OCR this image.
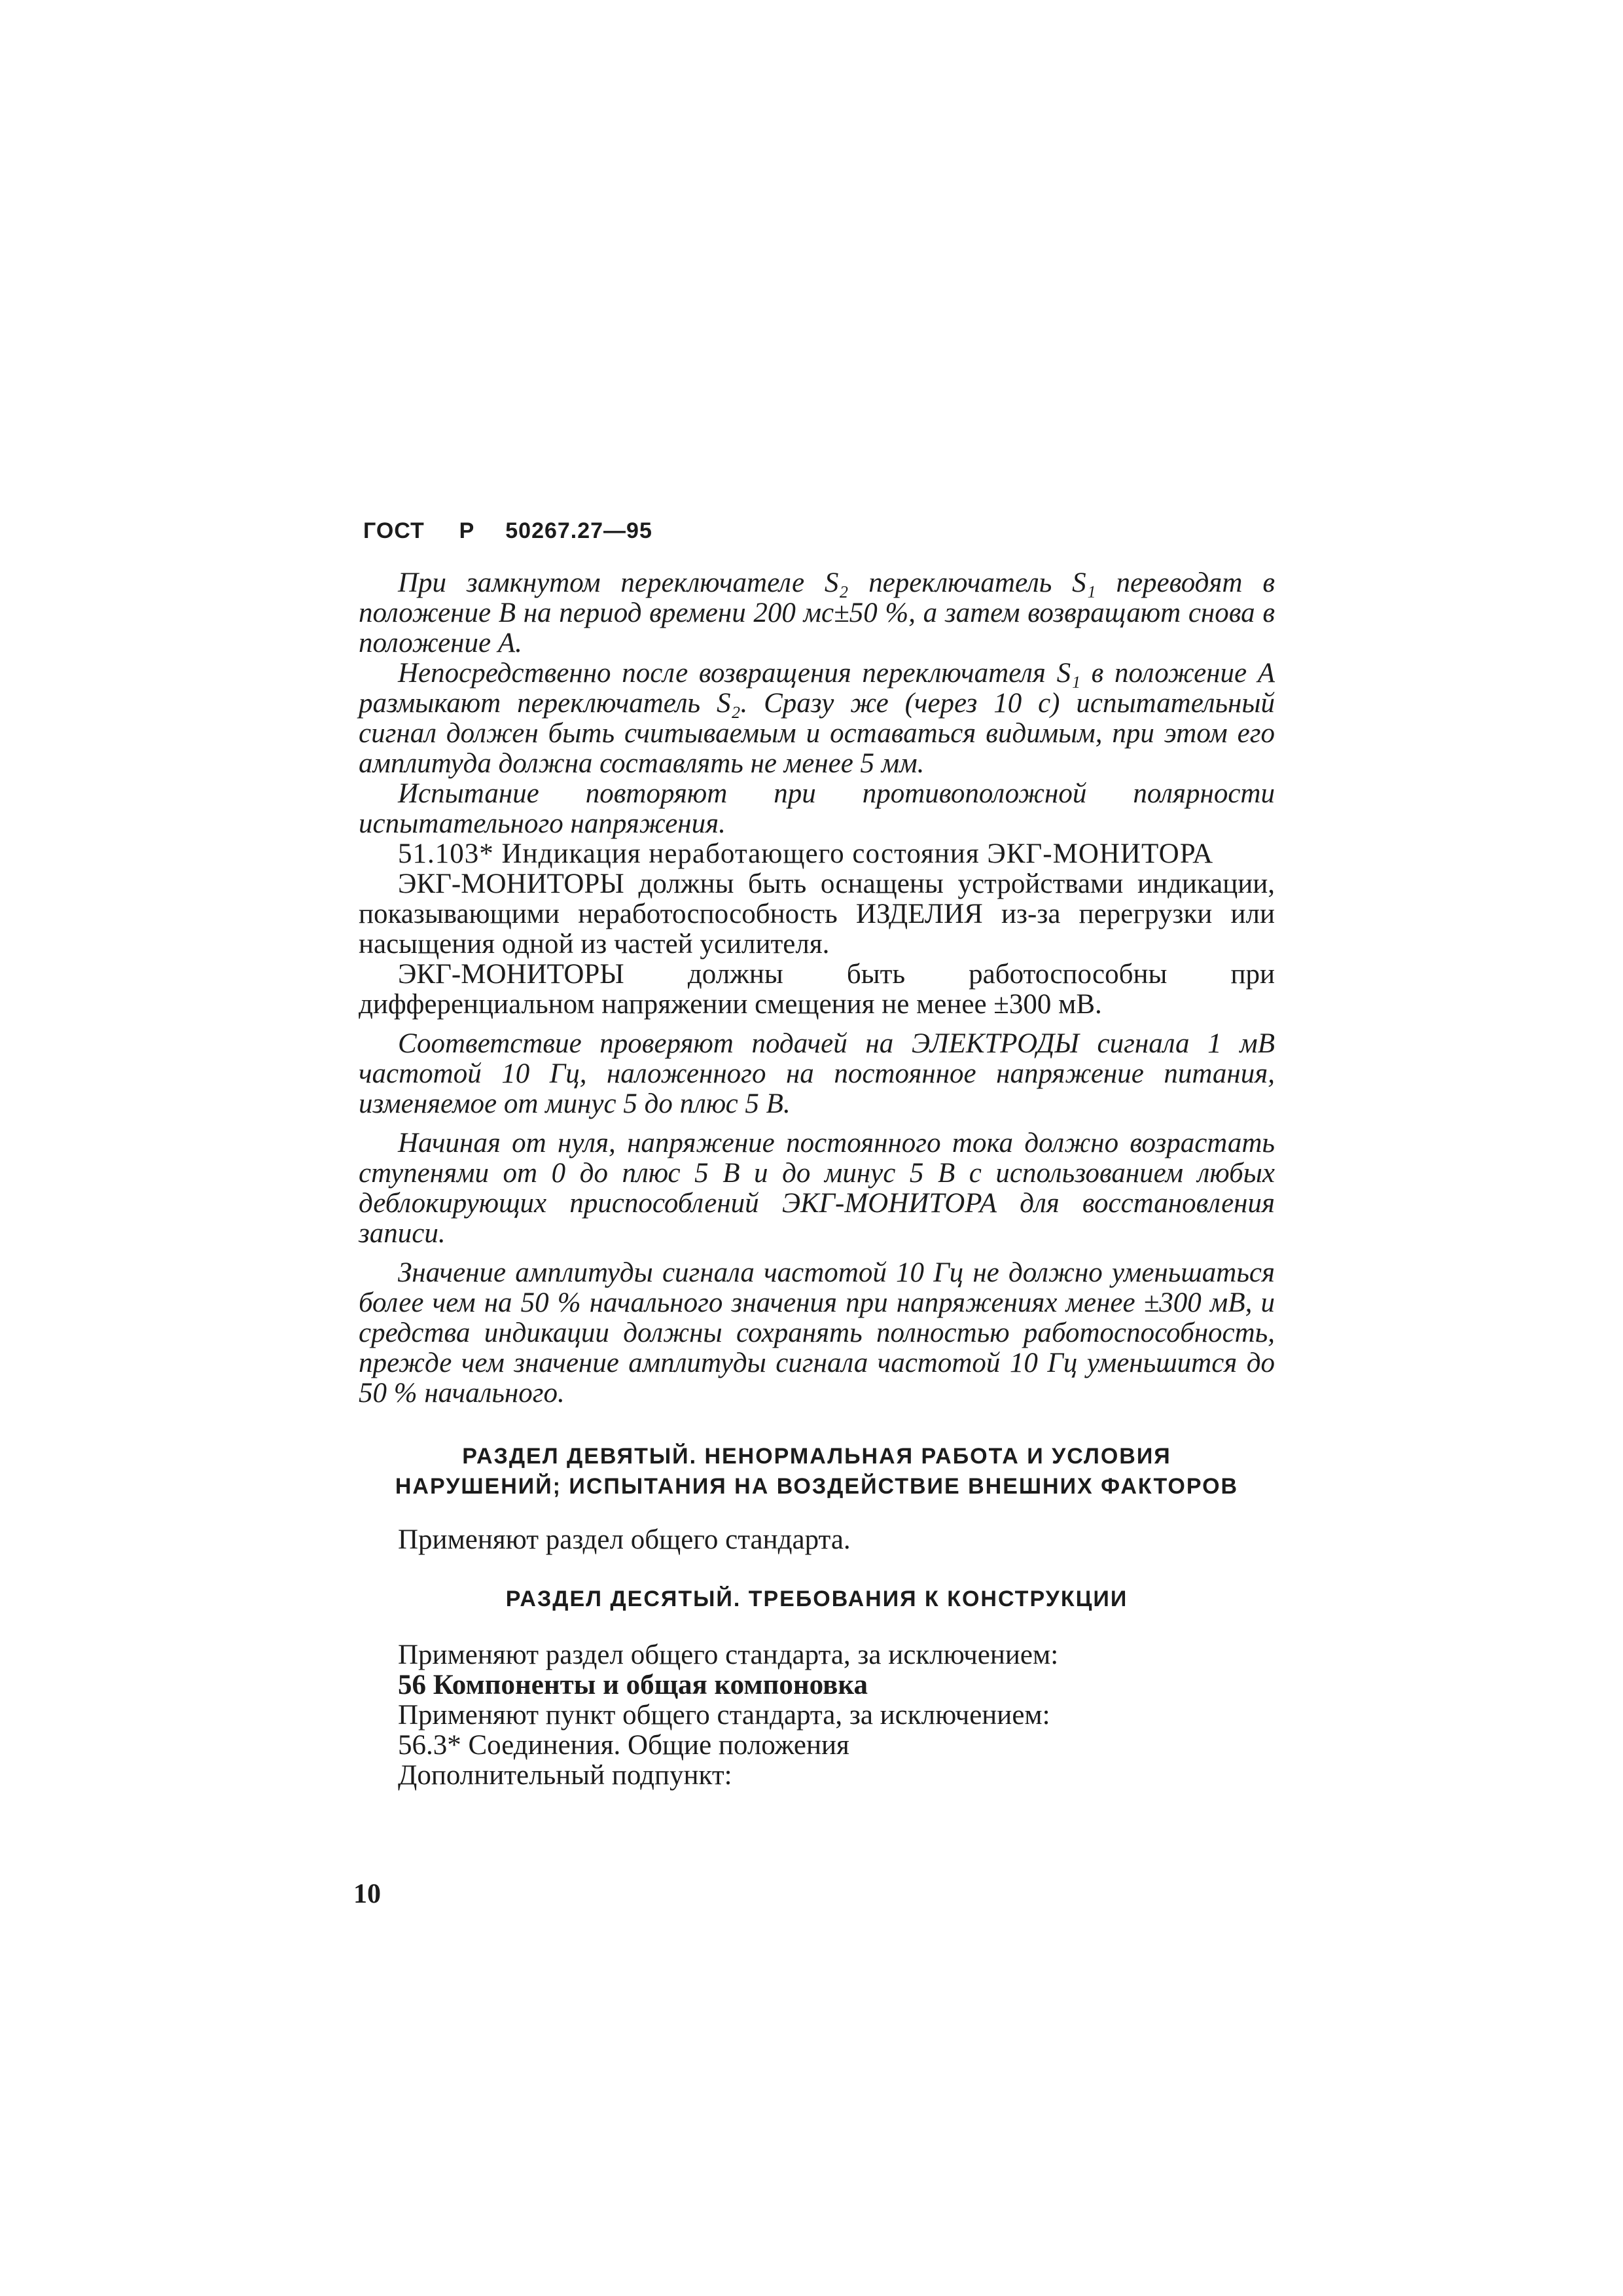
ГОСТ Р 50267.27—95

При замкнутом переключателе S₂ переключатель S₁ переводят в положение В на период времени 200 мс±50 %, а затем возвращают снова в положение А.

Непосредственно после возвращения переключателя S₁ в положение А размыкают переключатель S₂. Сразу же (через 10 с) испытательный сигнал должен быть считываемым и оставаться видимым, при этом его амплитуда должна составлять не менее 5 мм.

Испытание повторяют при противоположной полярности испытательного напряжения.

51.103* Индикация неработающего состояния ЭКГ-МОНИТОРА

ЭКГ-МОНИТОРЫ должны быть оснащены устройствами индикации, показывающими неработоспособность ИЗДЕЛИЯ из-за перегрузки или насыщения одной из частей усилителя.

ЭКГ-МОНИТОРЫ должны быть работоспособны при дифференциальном напряжении смещения не менее ±300 мВ.

Соответствие проверяют подачей на ЭЛЕКТРОДЫ сигнала 1 мВ частотой 10 Гц, наложенного на постоянное напряжение питания, изменяемое от минус 5 до плюс 5 В.

Начиная от нуля, напряжение постоянного тока должно возрастать ступенями от 0 до плюс 5 В и до минус 5 В с использованием любых деблокирующих приспособлений ЭКГ-МОНИТОРА для восстановления записи.

Значение амплитуды сигнала частотой 10 Гц не должно уменьшаться более чем на 50 % начального значения при напряжениях менее ±300 мВ, и средства индикации должны сохранять полностью работоспособность, прежде чем значение амплитуды сигнала частотой 10 Гц уменьшится до 50 % начального.

РАЗДЕЛ ДЕВЯТЫЙ. НЕНОРМАЛЬНАЯ РАБОТА И УСЛОВИЯ

НАРУШЕНИЙ; ИСПЫТАНИЯ НА ВОЗДЕЙСТВИЕ ВНЕШНИХ ФАКТОРОВ

Применяют раздел общего стандарта.

РАЗДЕЛ ДЕСЯТЫЙ. ТРЕБОВАНИЯ К КОНСТРУКЦИИ

Применяют раздел общего стандарта, за исключением:

56 Компоненты и общая компоновка

Применяют пункт общего стандарта, за исключением:

56.3* Соединения. Общие положения

Дополнительный подпункт:

10
